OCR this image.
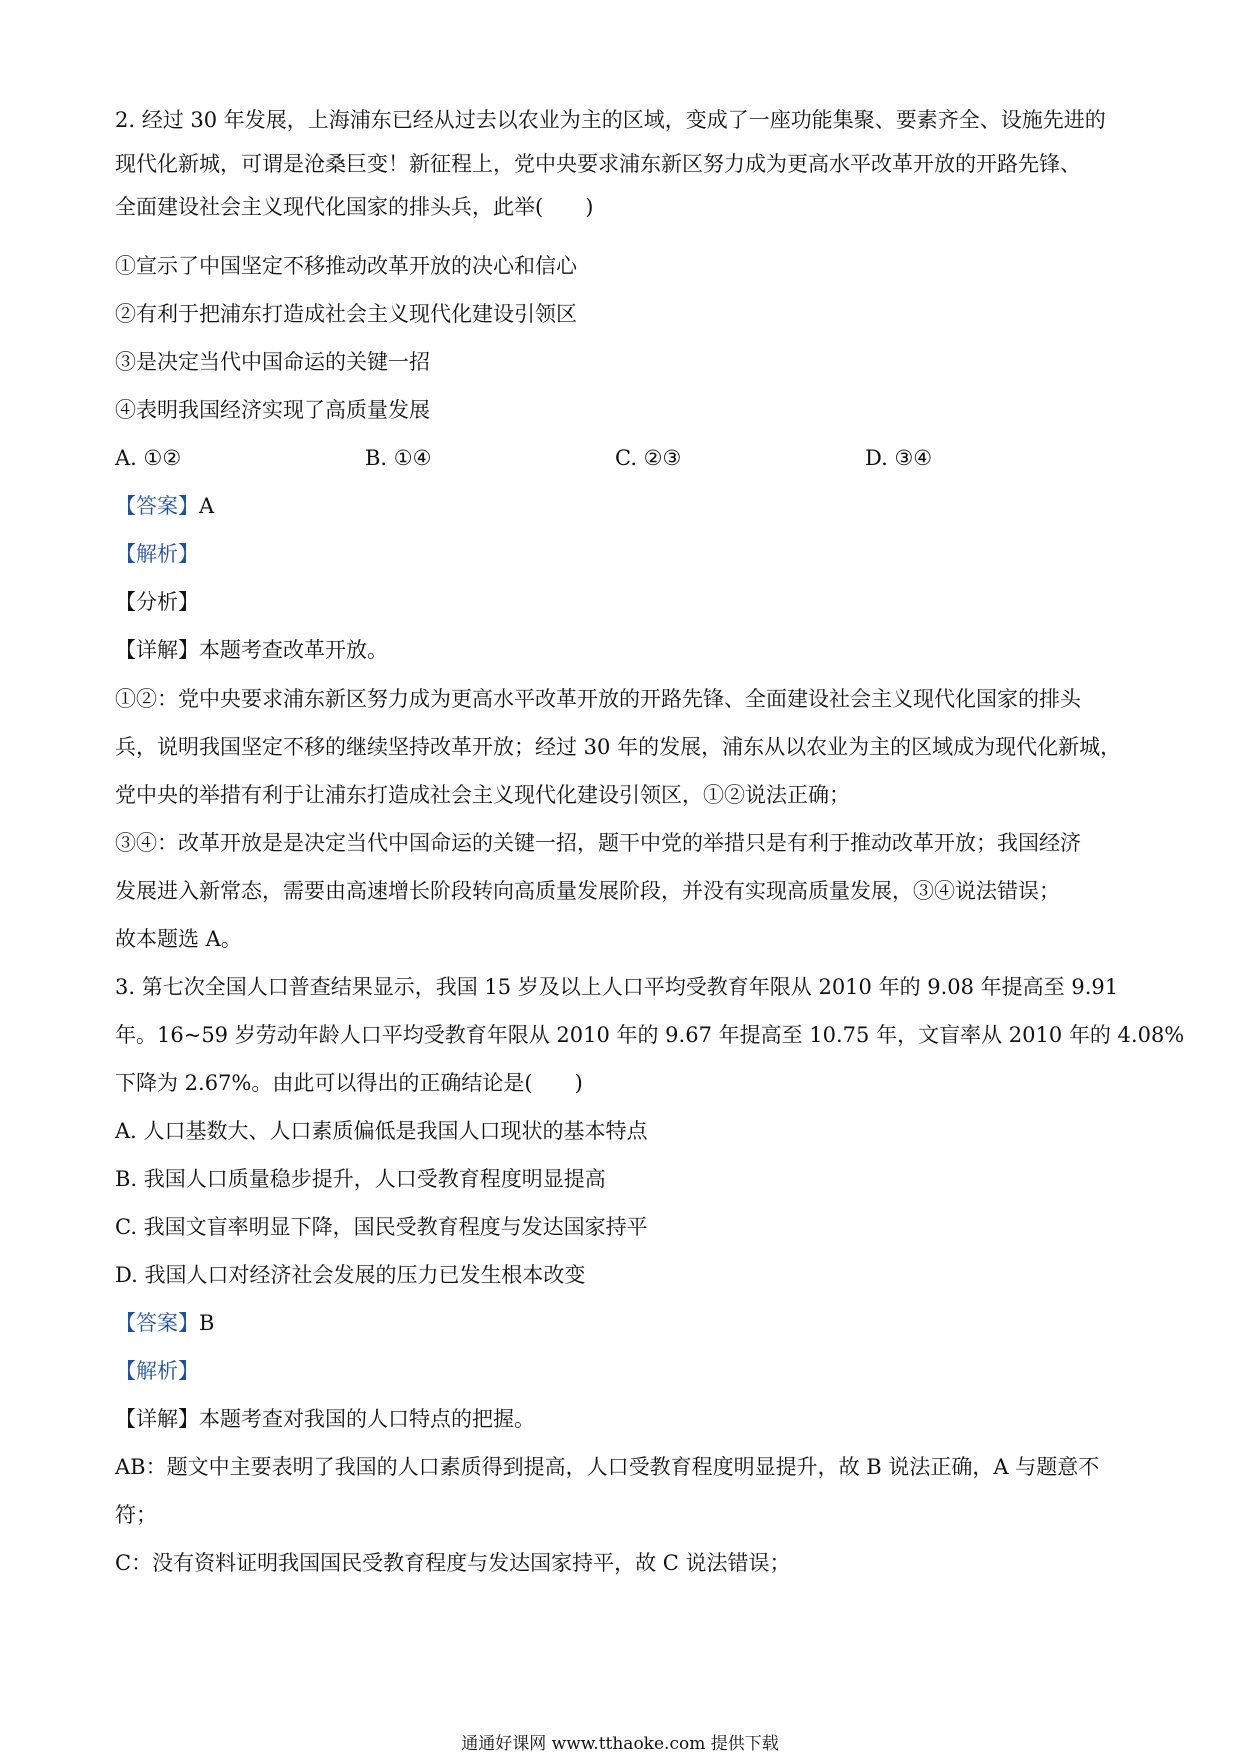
2. 经过 30 年发展，上海浦东已经从过去以农业为主的区域，变成了一座功能集聚、要素齐全、设施先进的
现代化新城，可谓是沧桑巨变！新征程上，党中央要求浦东新区努力成为更高水平改革开放的开路先锋、
全面建设社会主义现代化国家的排头兵，此举(　　)
①宣示了中国坚定不移推动改革开放的决心和信心
②有利于把浦东打造成社会主义现代化建设引领区
③是决定当代中国命运的关键一招
④表明我国经济实现了高质量发展
A. ①②	B. ①④	C. ②③	D. ③④
【答案】A
【解析】
【分析】
【详解】本题考查改革开放。
①②：党中央要求浦东新区努力成为更高水平改革开放的开路先锋、全面建设社会主义现代化国家的排头
兵，说明我国坚定不移的继续坚持改革开放；经过 30 年的发展，浦东从以农业为主的区域成为现代化新城，
党中央的举措有利于让浦东打造成社会主义现代化建设引领区，①②说法正确；
③④：改革开放是是决定当代中国命运的关键一招，题干中党的举措只是有利于推动改革开放；我国经济
发展进入新常态，需要由高速增长阶段转向高质量发展阶段，并没有实现高质量发展，③④说法错误；
故本题选 A。
3. 第七次全国人口普查结果显示，我国 15 岁及以上人口平均受教育年限从 2010 年的 9.08 年提高至 9.91
年。16~59 岁劳动年龄人口平均受教育年限从 2010 年的 9.67 年提高至 10.75 年，文盲率从 2010 年的 4.08%
下降为 2.67%。由此可以得出的正确结论是(　　)
A. 人口基数大、人口素质偏低是我国人口现状的基本特点
B. 我国人口质量稳步提升，人口受教育程度明显提高
C. 我国文盲率明显下降，国民受教育程度与发达国家持平
D. 我国人口对经济社会发展的压力已发生根本改变
【答案】B
【解析】
【详解】本题考查对我国的人口特点的把握。
AB：题文中主要表明了我国的人口素质得到提高，人口受教育程度明显提升，故 B 说法正确，A 与题意不
符；
C：没有资料证明我国国民受教育程度与发达国家持平，故 C 说法错误；
通通好课网 www.tthaoke.com 提供下载
